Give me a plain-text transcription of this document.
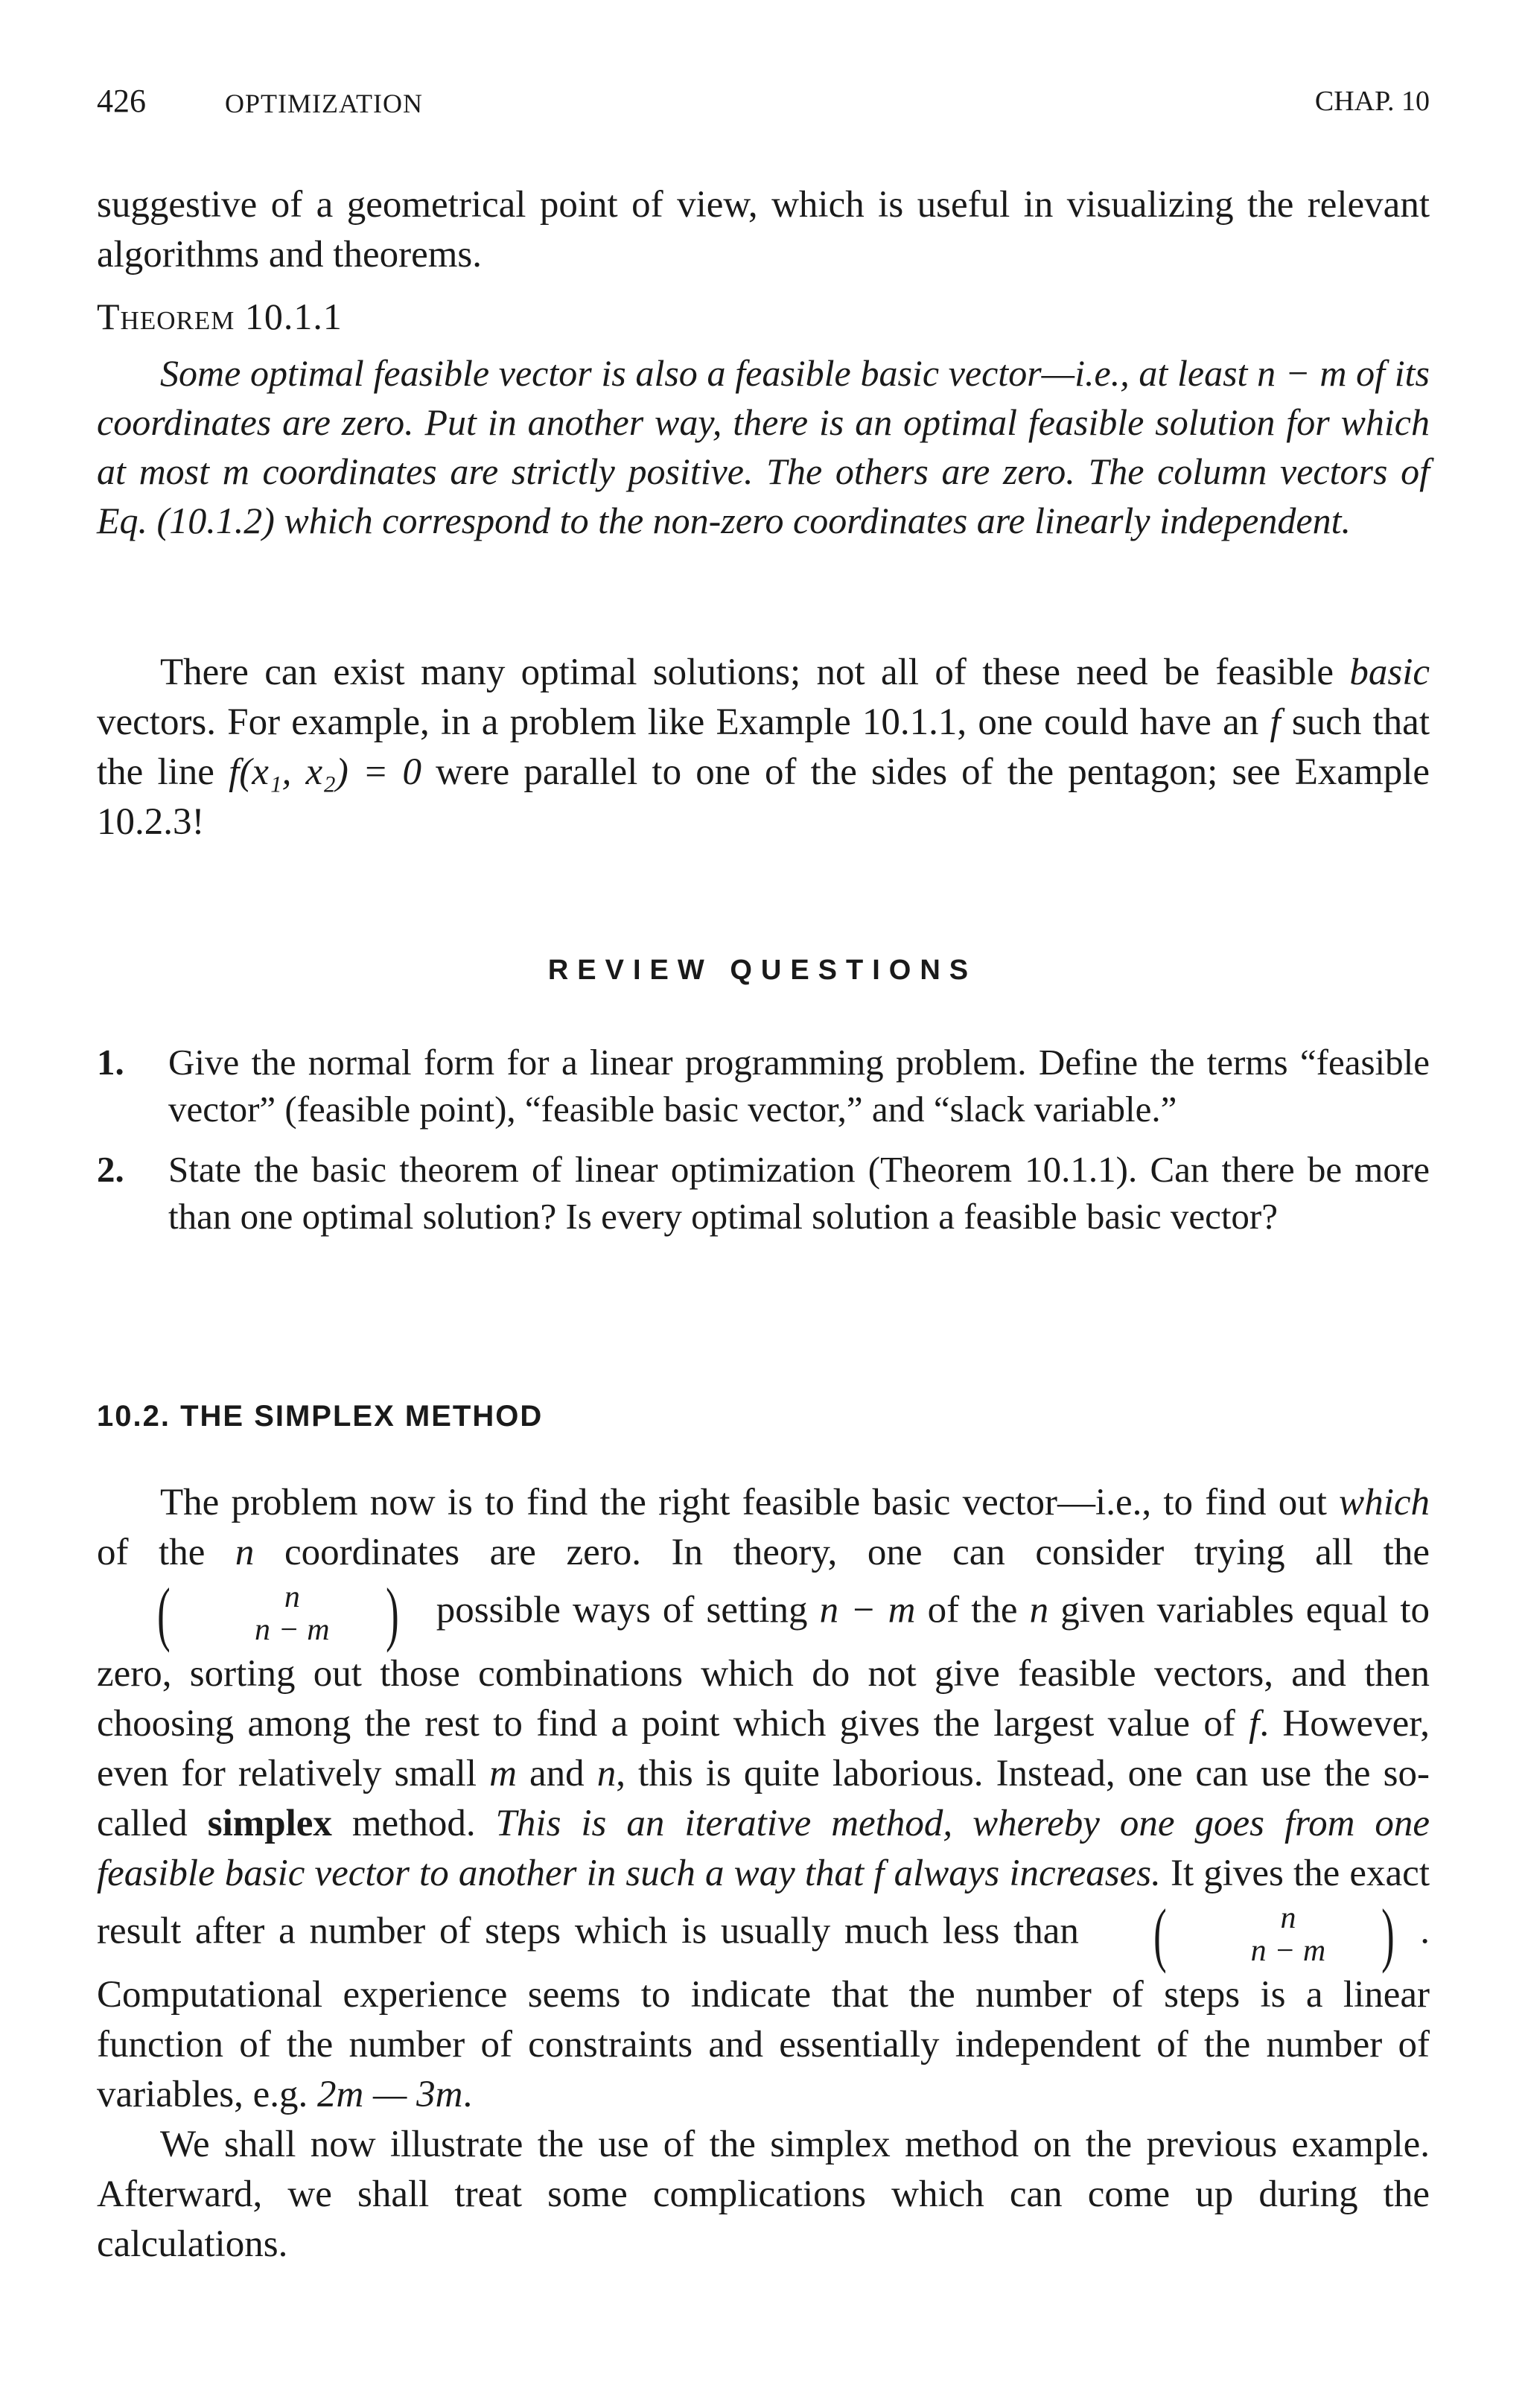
426	OPTIMIZATION	CHAP. 10

suggestive of a geometrical point of view, which is useful in visualizing the relevant algorithms and theorems.

Theorem 10.1.1
Some optimal feasible vector is also a feasible basic vector—i.e., at least n − m of its coordinates are zero. Put in another way, there is an optimal feasible solution for which at most m coordinates are strictly positive. The others are zero. The column vectors of Eq. (10.1.2) which correspond to the non-zero coordinates are linearly independent.

There can exist many optimal solutions; not all of these need be feasible basic vectors. For example, in a problem like Example 10.1.1, one could have an f such that the line f(x₁, x₂) = 0 were parallel to one of the sides of the pentagon; see Example 10.2.3!

REVIEW QUESTIONS
1. Give the normal form for a linear programming problem. Define the terms “feasible vector” (feasible point), “feasible basic vector,” and “slack variable.”
2. State the basic theorem of linear optimization (Theorem 10.1.1). Can there be more than one optimal solution? Is every optimal solution a feasible basic vector?
10.2. THE SIMPLEX METHOD

The problem now is to find the right feasible basic vector—i.e., to find out which of the n coordinates are zero. In theory, one can consider trying all the
(	n
n − m ) possible ways of setting n − m of the n given variables equal to zero, sorting out those combinations which do not give feasible vectors, and then choosing among the rest to find a point which gives the largest value of f. However, even for relatively small m and n, this is quite laborious. Instead, one can use the so-called simplex method. This is an iterative method, whereby one goes from one feasible basic vector to another in such a way that f always increases. It gives the exact result after a number of steps which is usually much less than (	n
n − m ) . Computational experience seems to indicate that the number of steps is a linear function of the number of constraints and essentially independent of the number of variables, e.g. 2m — 3m.

We shall now illustrate the use of the simplex method on the previous example. Afterward, we shall treat some complications which can come up during the calculations.
